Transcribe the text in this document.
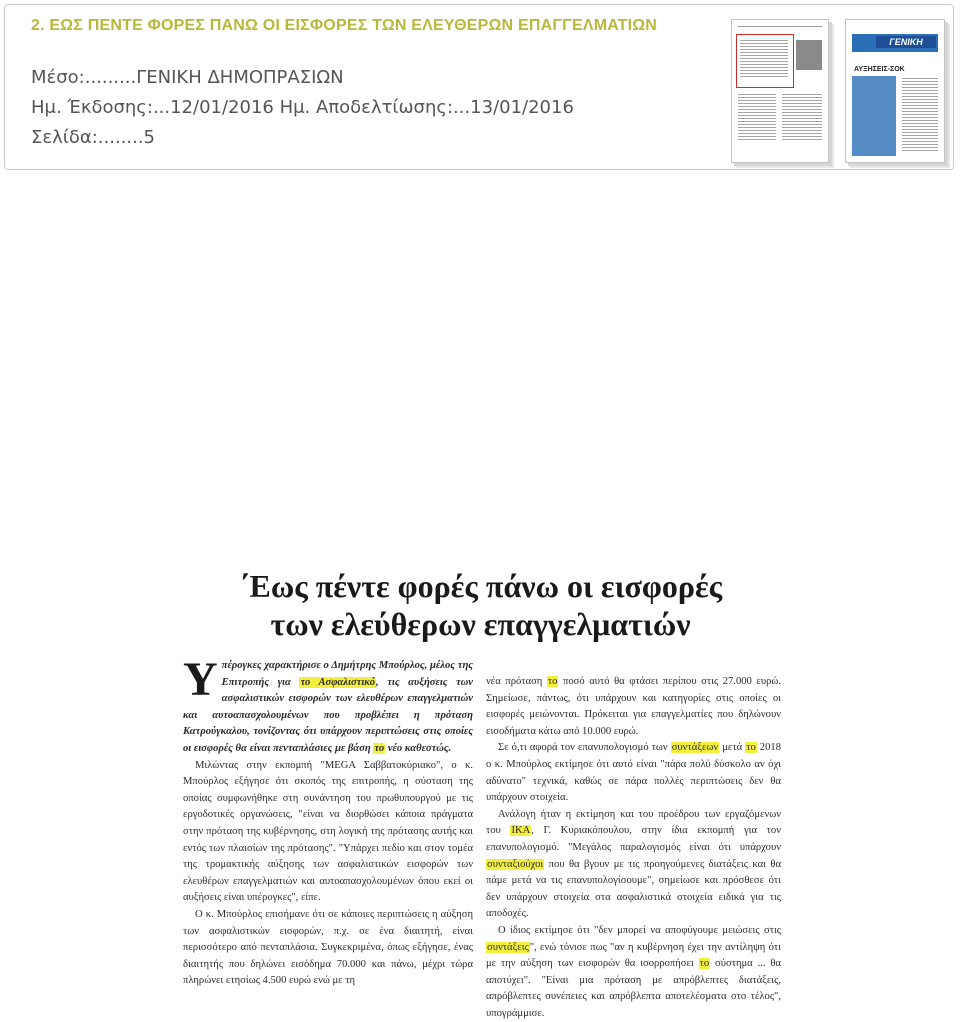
2. ΕΩΣ ΠΕΝΤΕ ΦΟΡΕΣ ΠΑΝΩ ΟΙ ΕΙΣΦΟΡΕΣ ΤΩΝ ΕΛΕΥΘΕΡΩΝ ΕΠΑΓΓΕΛΜΑΤΙΩΝ
Μέσο:.........ΓΕΝΙΚΗ ΔΗΜΟΠΡΑΣΙΩΝ
Ημ. Έκδοσης:...12/01/2016 Ημ. Αποδελτίωσης:...13/01/2016
Σελίδα:........5
ΓΕΝΙΚΗ
ΑΥΞΗΣΕΙΣ-ΣΟΚ
΄Εως πέντε φορές πάνω οι εισφορές
των ελεύθερων επαγγελματιών

Υπέρογκες χαρακτήρισε ο Δημήτρης Μπούρλος, μέλος της Επιτροπής για το Ασφαλιστικό, τις αυξήσεις των ασφαλιστικών εισφορών των ελευθέρων επαγγελματιών και αυτοαπασχολουμένων που προβλέπει η πρόταση Κατρούγκαλου, τονίζοντας ότι υπάρχουν περιπτώσεις στις οποίες οι εισφορές θα είναι πενταπλάσιες με βάση το νέο καθεστώς.

Μιλώντας στην εκπομπή "MEGA Σαββατοκύριακο", ο κ. Μπούρλος εξήγησε ότι σκοπός της επιτροπής, η σύσταση της οποίας συμφωνήθηκε στη συνάντηση του πρωθυπουργού με τις εργοδοτικές οργανώσεις, "είναι να διορθώσει κάποια πράγματα στην πρόταση της κυβέρνησης, στη λογική της πρότασης αυτής και εντός των πλαισίων της πρότασης". "Υπάρχει πεδίο και στον τομέα της τρομακτικής αύξησης των ασφαλιστικών εισφορών των ελευθέρων επαγγελματιών και αυτοαπασχολουμένων όπου εκεί οι αυξήσεις είναι υπέρογκες", είπε.

Ο κ. Μπούρλος επισήμανε ότι σε κάποιες περιπτώσεις η αύξηση των ασφαλιστικών εισφορών, π.χ. σε ένα διαιτητή, είναι περισσότερο από πενταπλάσια. Συγκεκριμένα, όπως εξήγησε, ένας διαιτητής που δηλώνει εισόδημα 70.000 και πάνω, μέχρι τώρα πληρώνει ετησίως 4.500 ευρώ ενώ με τη

νέα πρόταση το ποσό αυτό θα φτάσει περίπου στις 27.000 ευρώ. Σημείωσε, πάντως, ότι υπάρχουν και κατηγορίες στις οποίες οι εισφορές μειώνονται. Πρόκειται για επαγγελματίες που δηλώνουν εισοδήματα κάτω από 10.000 ευρώ.

Σε ό,τι αφορά τον επανυπολογισμό των συντάξεων μετά το 2018 ο κ. Μπούρλος εκτίμησε ότι αυτό είναι "πάρα πολύ δύσκολο αν όχι αδύνατο" τεχνικά, καθώς σε πάρα πολλές περιπτώσεις δεν θα υπάρχουν στοιχεία.

Ανάλογη ήταν η εκτίμηση και του προέδρου των εργαζόμενων του ΙΚΑ, Γ. Κυριακόπουλου, στην ίδια εκπομπή για τον επανυπολογισμό. "Μεγάλος παραλογισμός είναι ότι υπάρχουν συνταξιούχοι που θα βγουν με τις προηγούμενες διατάξεις και θα πάμε μετά να τις επανυπολογίσουμε", σημείωσε και πρόσθεσε ότι δεν υπάρχουν στοιχεία στα ασφαλιστικά στοιχεία ειδικά για τις αποδοχές.

Ο ίδιος εκτίμησε ότι "δεν μπορεί να αποφύγουμε μειώσεις στις συντάξεις", ενώ τόνισε πως "αν η κυβέρνηση έχει την αντίληψη ότι με την αύξηση των εισφορών θα ισορροπήσει το σύστημα ... θα αποτύχει". "Είναι μια πρόταση με απρόβλεπτες διατάξεις, απρόβλεπτες συνέπειες και απρόβλεπτα αποτελέσματα στο τέλος", υπογράμμισε.
